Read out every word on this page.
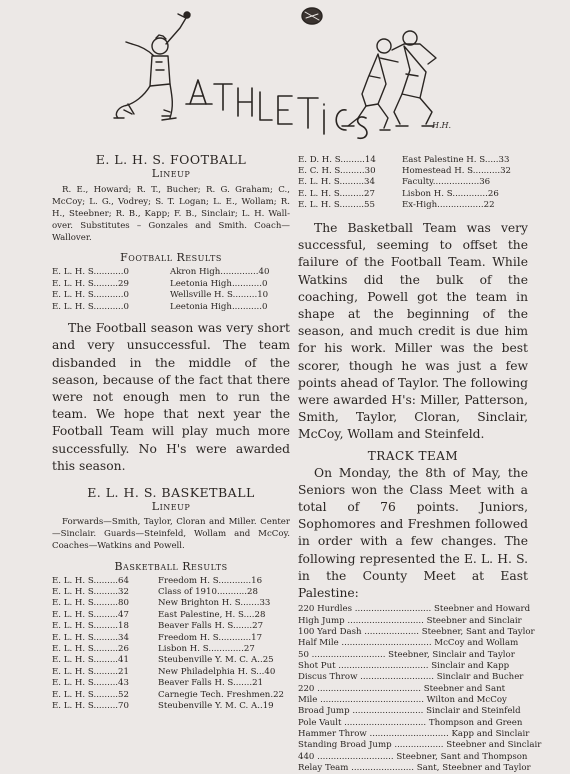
H.H.
E. L. H. S. FOOTBALL
Lineup

R. E., Howard; R. T., Bucher; R. G. Graham; C., McCoy; L. G., Vodrey; S. T. Logan; L. E., Wollam; R. H., Steebner; R. B., Kapp; F. B., Sinclair; L. H. Wallover. Substitutes – Gonzales and Smith. Coach—Wallover.

Football Results
E. L. H. S...........0	Akron High..............40
E. L. H. S.........29	Leetonia High...........0
E. L. H. S...........0	Wellsville H. S.........10
E. L. H. S...........0	Leetonia High...........0

The Football season was very short and very unsuccessful. The team disbanded in the middle of the season, because of the fact that there were not enough men to run the team. We hope that next year the Football Team will play much more successfully. No H's were awarded this season.

E. L. H. S. BASKETBALL
Lineup

Forwards—Smith, Taylor, Cloran and Miller. Center—Sinclair. Guards—Steinfeld, Wollam and McCoy. Coaches—Watkins and Powell.

Basketball Results
E. L. H. S.........64	Freedom H. S............16
E. L. H. S.........32	Class of 1910...........28
E. L. H. S.........80	New Brighton H. S.......33
E. L. H. S.........47	East Palestine, H. S....28
E. L. H. S.........18	Beaver Falls H. S.......27
E. L. H. S.........34	Freedom H. S............17
E. L. H. S.........26	Lisbon H. S.............27
E. L. H. S.........41	Steubenville Y. M. C. A..25
E. L. H. S.........21	New Philadelphia H. S...40
E. L. H. S.........43	Beaver Falls H. S.......21
E. L. H. S.........52	Carnegie Tech. Freshmen.22
E. L. H. S.........70	Steubenville Y. M. C. A..19
E. D. H. S.........14	East Palestine H. S.....33
E. C. H. S.........30	Homestead H. S..........32
E. L. H. S.........34	Faculty.................36
E. L. H. S.........27	Lisbon H. S.............26
E. L. H. S.........55	Ex-High.................22

The Basketball Team was very successful, seeming to offset the failure of the Football Team. While Watkins did the bulk of the coaching, Powell got the team in shape at the beginning of the season, and much credit is due him for his work. Miller was the best scorer, though he was just a few points ahead of Taylor. The following were awarded H's: Miller, Patterson, Smith, Taylor, Cloran, Sinclair, McCoy, Wollam and Steinfeld.

TRACK TEAM

On Monday, the 8th of May, the Seniors won the Class Meet with a total of 76 points. Juniors, Sophomores and Freshmen followed in order with a few changes. The following represented the E. L. H. S. in the County Meet at East Palestine:

220 Hurdles ............................ Steebner and Howard
High Jump ............................ Steebner and Sinclair
100 Yard Dash .................... Steebner, Sant and Taylor
Half Mile ................................. McCoy and Wollam
50 ........................... Steebner, Sinclair and Taylor
Shot Put ................................. Sinclair and Kapp
Discus Throw ........................... Sinclair and Bucher
220 ...................................... Steebner and Sant
Mile ...................................... Wilton and McCoy
Broad Jump .......................... Sinclair and Steinfeld
Pole Vault .............................. Thompson and Green
Hammer Throw ............................. Kapp and Sinclair
Standing Broad Jump .................. Steebner and Sinclair
440 ............................ Steebner, Sant and Thompson
Relay Team ....................... Sant, Steebner and Taylor
